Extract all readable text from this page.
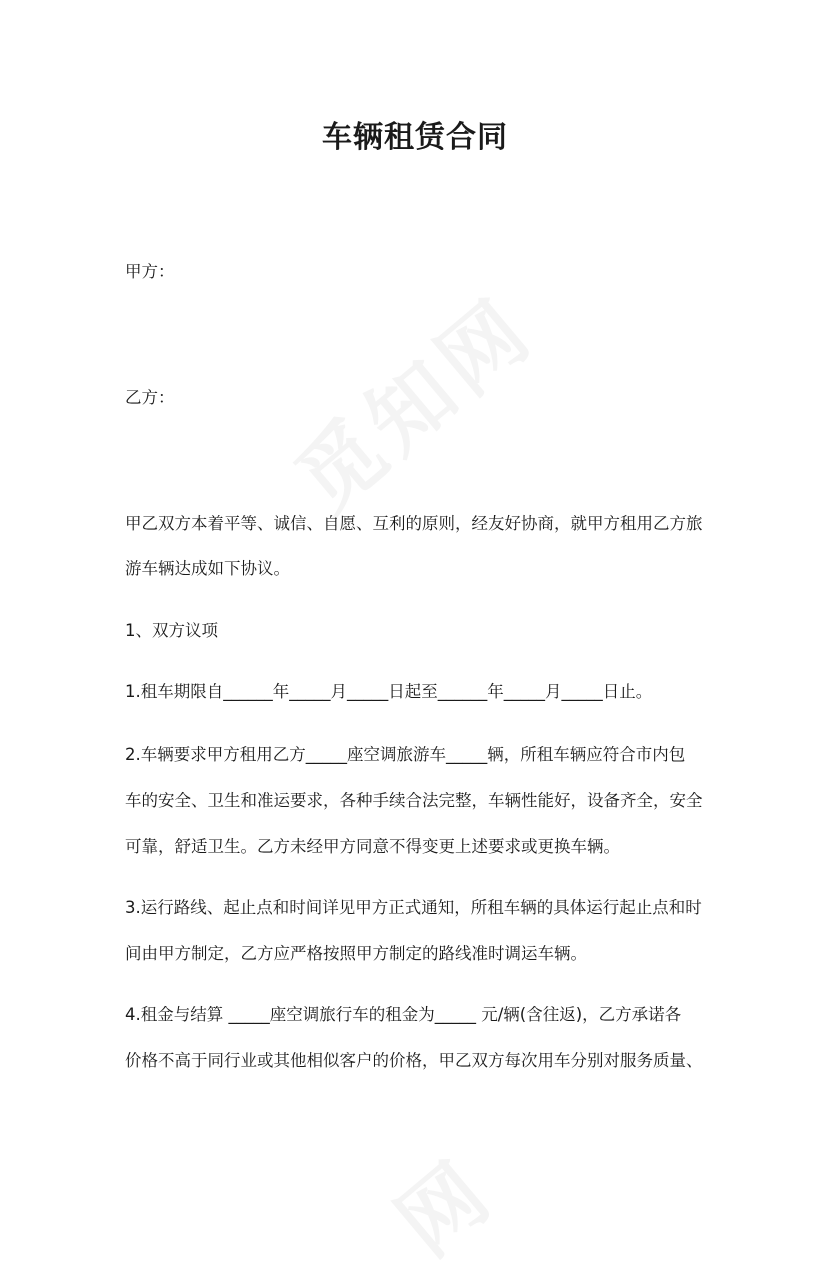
车辆租赁合同

甲方：

乙方：

甲乙双方本着平等、诚信、自愿、互利的原则，经友好协商，就甲方租用乙方旅

游车辆达成如下协议。

1、双方议项

1.租车期限自______年_____月_____日起至______年_____月_____日止。

2.车辆要求甲方租用乙方_____座空调旅游车_____辆，所租车辆应符合市内包

车的安全、卫生和准运要求，各种手续合法完整，车辆性能好，设备齐全，安全

可靠，舒适卫生。乙方未经甲方同意不得变更上述要求或更换车辆。

3.运行路线、起止点和时间详见甲方正式通知，所租车辆的具体运行起止点和时

间由甲方制定，乙方应严格按照甲方制定的路线准时调运车辆。

4.租金与结算 _____座空调旅行车的租金为_____ 元/辆(含往返)，乙方承诺各

价格不高于同行业或其他相似客户的价格，甲乙双方每次用车分别对服务质量、
